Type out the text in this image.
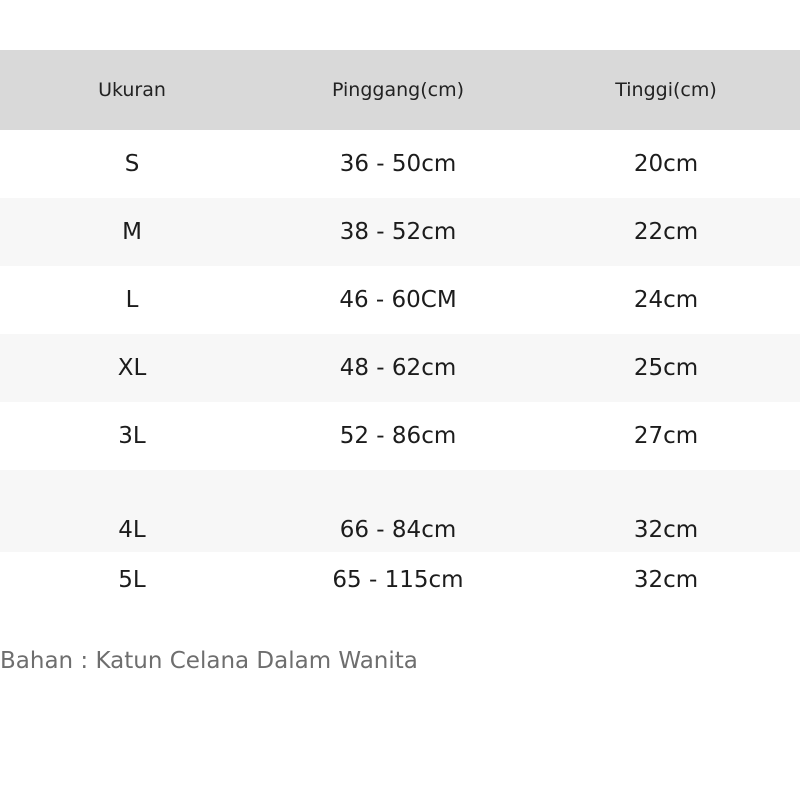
Ukuran	Pinggang(cm)	Tinggi(cm)
S	36 - 50cm	20cm
M	38 - 52cm	22cm
L	46 - 60CM	24cm
XL	48 - 62cm	25cm
3L	52 - 86cm	27cm
4L	66 - 84cm	32cm
5L	65 - 115cm	32cm
Bahan : Katun Celana Dalam Wanita
